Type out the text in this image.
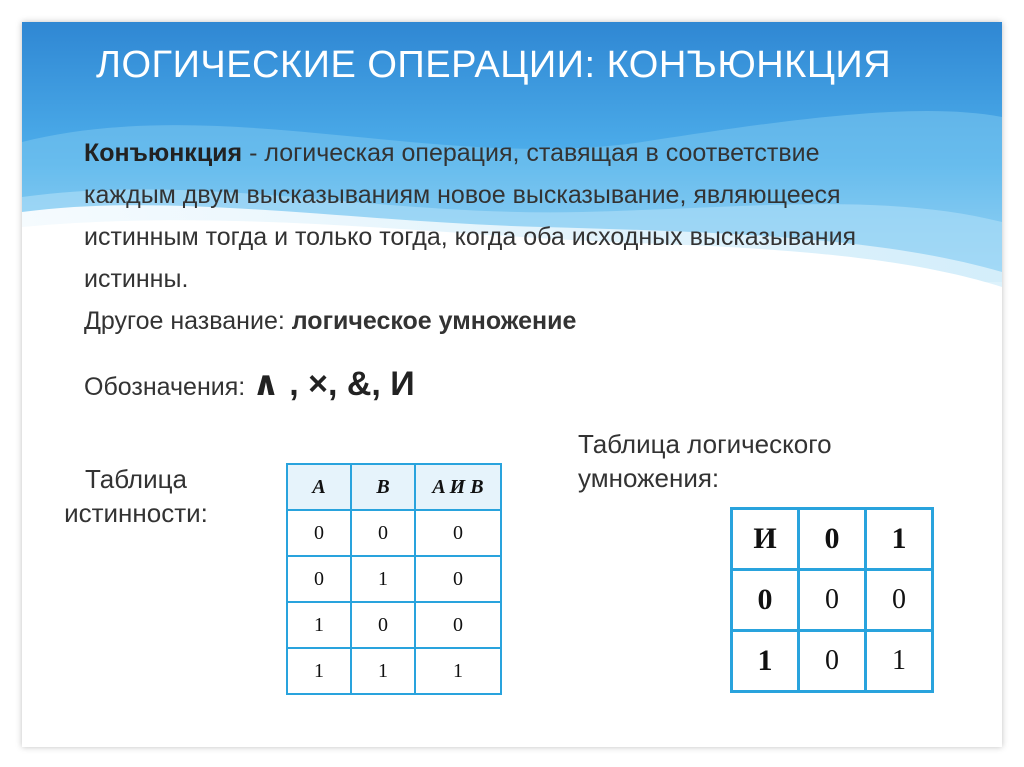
ЛОГИЧЕСКИЕ ОПЕРАЦИИ: КОНЪЮНКЦИЯ
Конъюнкция - логическая операция, ставящая в соответствие каждым двум высказываниям новое высказывание, являющееся истинным тогда и только тогда, когда оба исходных высказывания истинны.
Другое название: логическое умножение
Обозначения: ∧ , ×, &, И
Таблица истинности:
A	B	A И B
0	0	0
0	1	0
1	0	0
1	1	1
Таблица логического умножения:
И	0	1
0	0	0
1	0	1
